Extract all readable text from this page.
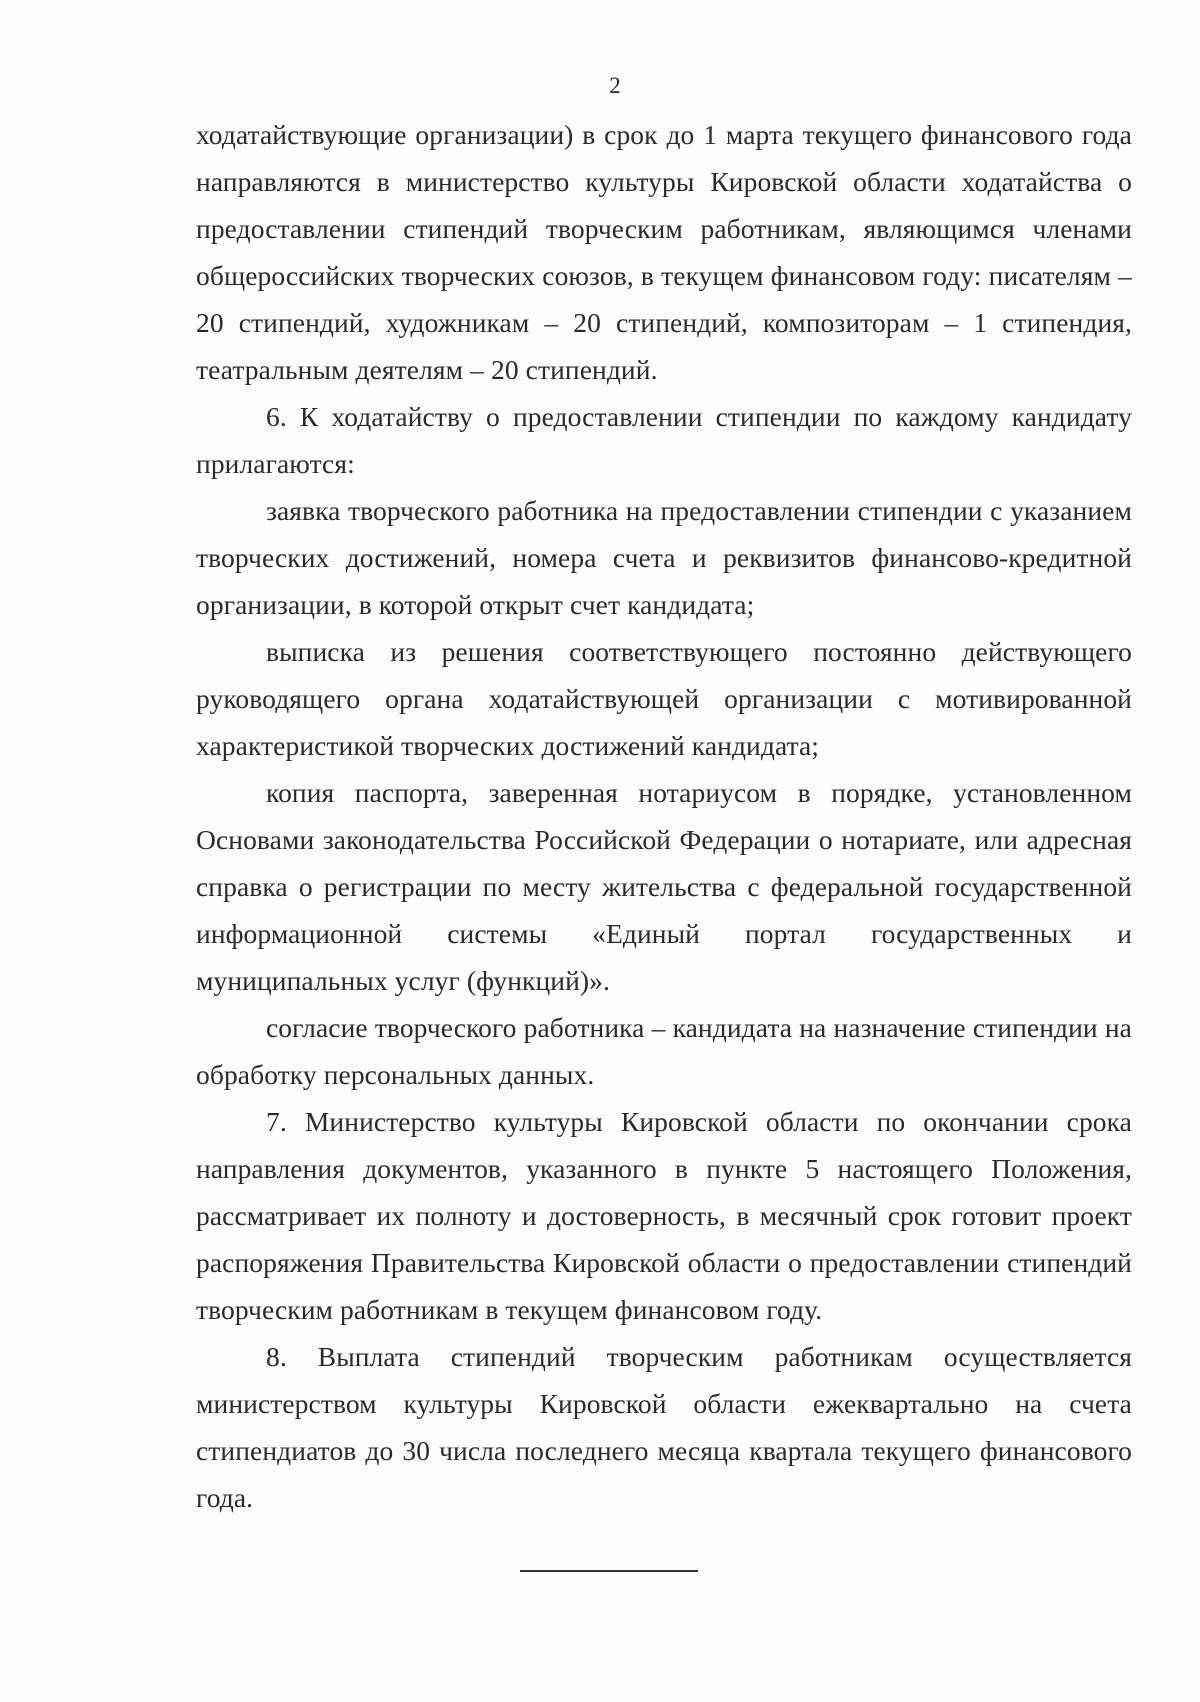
2

ходатайствующие организации) в срок до 1 марта текущего финансового года направляются в министерство культуры Кировской области ходатайства о предоставлении стипендий творческим работникам, являющимся членами общероссийских творческих союзов, в текущем финансовом году: писателям – 20 стипендий, художникам – 20 стипендий, композиторам – 1 стипендия, театральным деятелям – 20 стипендий.

6. К ходатайству о предоставлении стипендии по каждому кандидату прилагаются:

заявка творческого работника на предоставлении стипендии с указанием творческих достижений, номера счета и реквизитов финансово-кредитной организации, в которой открыт счет кандидата;

выписка из решения соответствующего постоянно действующего руководящего органа ходатайствующей организации с мотивированной характеристикой творческих достижений кандидата;

копия паспорта, заверенная нотариусом в порядке, установленном Основами законодательства Российской Федерации о нотариате, или адресная справка о регистрации по месту жительства с федеральной государственной информационной системы «Единый портал государственных и муниципальных услуг (функций)».

согласие творческого работника – кандидата на назначение стипендии на обработку персональных данных.

7. Министерство культуры Кировской области по окончании срока направления документов, указанного в пункте 5 настоящего Положения, рассматривает их полноту и достоверность, в месячный срок готовит проект распоряжения Правительства Кировской области о предоставлении стипендий творческим работникам в текущем финансовом году.

8. Выплата стипендий творческим работникам осуществляется министерством культуры Кировской области ежеквартально на счета стипендиатов до 30 числа последнего месяца квартала текущего финансового года.
